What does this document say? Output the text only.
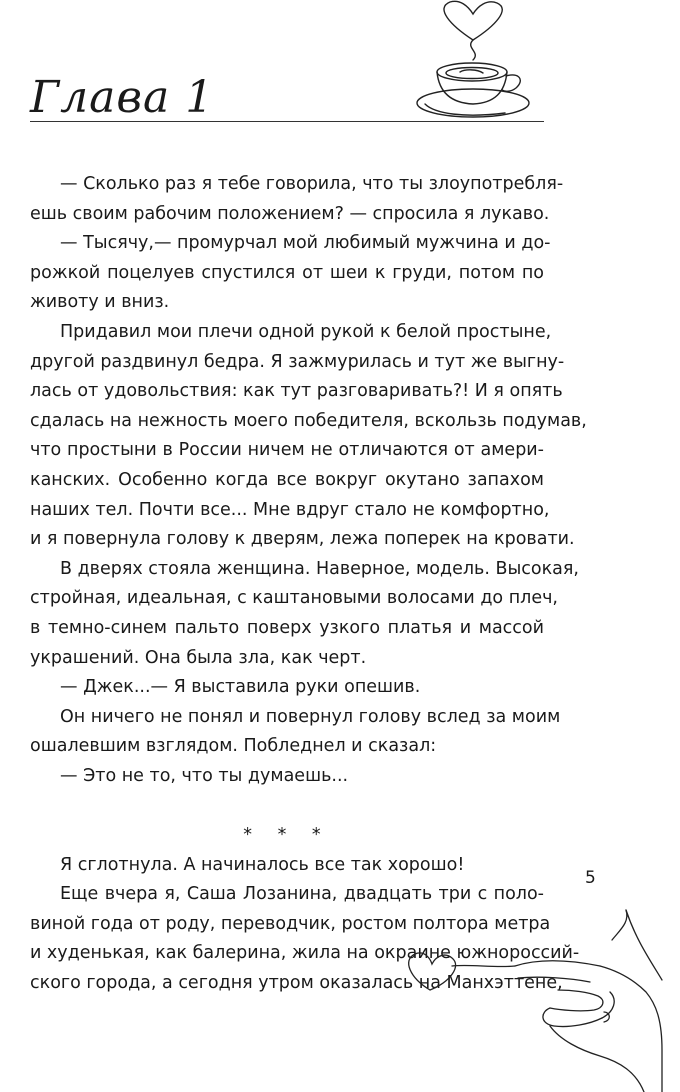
Глава 1
— Сколько раз я тебе говорила, что ты злоупотребля-
ешь своим рабочим положением? — спросила я лукаво.
— Тысячу,— промурчал мой любимый мужчина и до-
рожкой поцелуев спустился от шеи к груди, потом по
животу и вниз.
Придавил мои плечи одной рукой к белой простыне,
другой раздвинул бедра. Я зажмурилась и тут же выгну-
лась от удовольствия: как тут разговаривать?! И я опять
сдалась на нежность моего победителя, вскользь подумав,
что простыни в России ничем не отличаются от амери-
канских. Особенно когда все вокруг окутано запахом
наших тел. Почти все... Мне вдруг стало не комфортно,
и я повернула голову к дверям, лежа поперек на кровати.
В дверях стояла женщина. Наверное, модель. Высокая,
стройная, идеальная, с каштановыми волосами до плеч,
в темно-синем пальто поверх узкого платья и массой
украшений. Она была зла, как черт.
— Джек...— Я выставила руки опешив.
Он ничего не понял и повернул голову вслед за моим
ошалевшим взглядом. Побледнел и сказал:
— Это не то, что ты думаешь...
* * *
Я сглотнула. А начиналось все так хорошо!
Еще вчера я, Саша Лозанина, двадцать три с поло-
виной года от роду, переводчик, ростом полтора метра
и худенькая, как балерина, жила на окраине южнороссий-
ского города, а сегодня утром оказалась на Манхэттене,
5
